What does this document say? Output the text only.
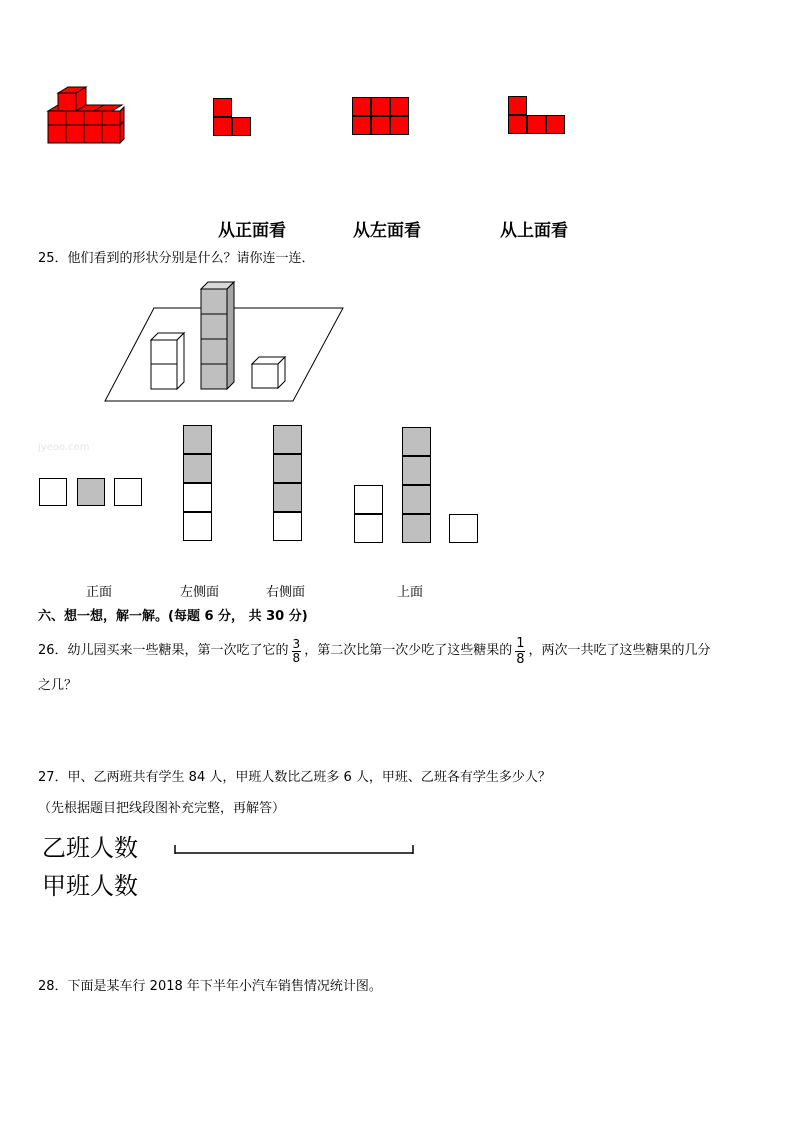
从正面看	从左面看	从上面看
25．他们看到的形状分别是什么？请你连一连．
jyeoo.com
正面	左侧面	右侧面	上面
六、想一想，解一解。(每题 6 分， 共 30 分)
26．幼儿园买来一些糖果，第一次吃了它的 $\frac{3}{8}$ ，第二次比第一次少吃了这些糖果的 $\frac{1}{8}$ ，两次一共吃了这些糖果的几分
之几？
27．甲、乙两班共有学生 84 人，甲班人数比乙班多 6 人，甲班、乙班各有学生多少人？
（先根据题目把线段图补充完整，再解答）
乙班人数
甲班人数
28．下面是某车行 2018 年下半年小汽车销售情况统计图。
